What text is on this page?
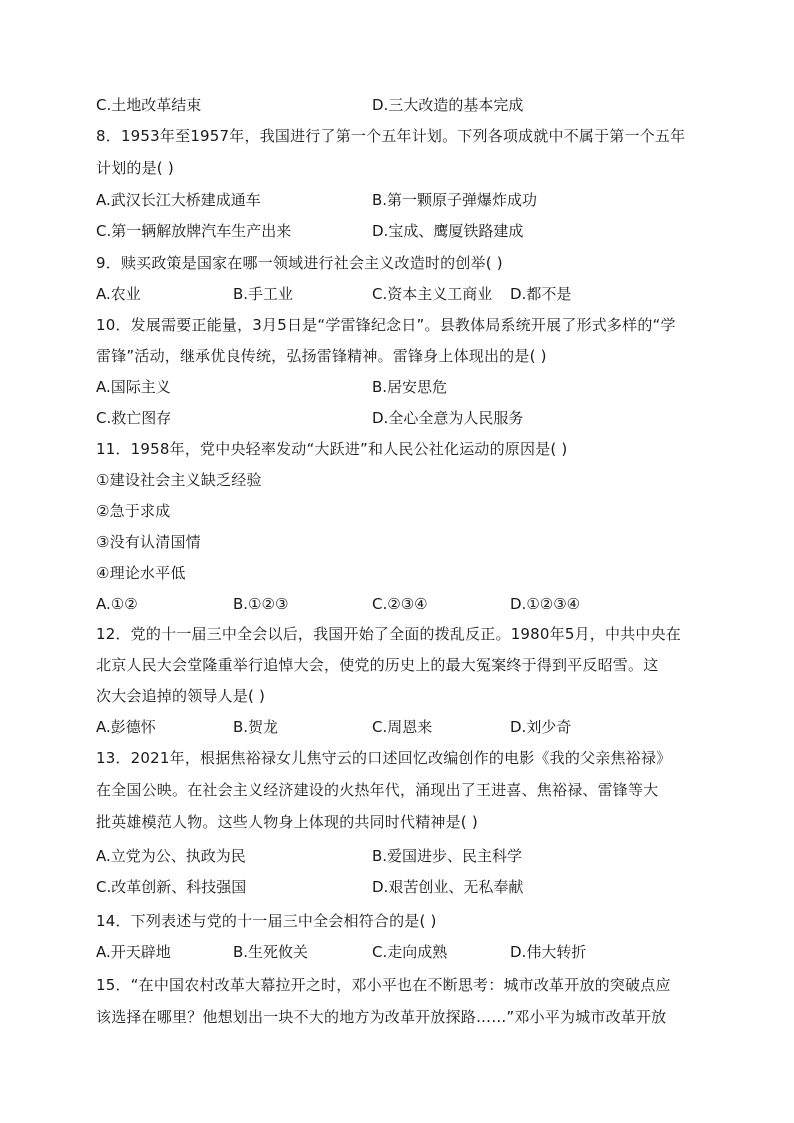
C.土地改革结束	D.三大改造的基本完成
8．1953年至1957年，我国进行了第一个五年计划。下列各项成就中不属于第一个五年
计划的是( )
A.武汉长江大桥建成通车	B.第一颗原子弹爆炸成功
C.第一辆解放牌汽车生产出来	D.宝成、鹰厦铁路建成
9．赎买政策是国家在哪一领域进行社会主义改造时的创举( )
A.农业	B.手工业	C.资本主义工商业 D.都不是
10．发展需要正能量，3月5日是“学雷锋纪念日”。县教体局系统开展了形式多样的“学
雷锋”活动，继承优良传统，弘扬雷锋精神。雷锋身上体现出的是( )
A.国际主义	B.居安思危
C.救亡图存	D.全心全意为人民服务
11．1958年，党中央轻率发动“大跃进”和人民公社化运动的原因是( )
①建设社会主义缺乏经验
②急于求成
③没有认清国情
④理论水平低
A.①②	B.①②③	C.②③④	D.①②③④
12．党的十一届三中全会以后，我国开始了全面的拨乱反正。1980年5月，中共中央在
北京人民大会堂隆重举行追悼大会，使党的历史上的最大冤案终于得到平反昭雪。这
次大会追掉的领导人是( )
A.彭德怀	B.贺龙	C.周恩来	D.刘少奇
13．2021年，根据焦裕禄女儿焦守云的口述回忆改编创作的电影《我的父亲焦裕禄》
在全国公映。在社会主义经济建设的火热年代，涌现出了王进喜、焦裕禄、雷锋等大
批英雄模范人物。这些人物身上体现的共同时代精神是( )
A.立党为公、执政为民	B.爱国进步、民主科学
C.改革创新、科技强国	D.艰苦创业、无私奉献
14．下列表述与党的十一届三中全会相符合的是( )
A.开天辟地	B.生死攸关	C.走向成熟	D.伟大转折
15．“在中国农村改革大幕拉开之时，邓小平也在不断思考：城市改革开放的突破点应
该选择在哪里？他想划出一块不大的地方为改革开放探路……”邓小平为城市改革开放
